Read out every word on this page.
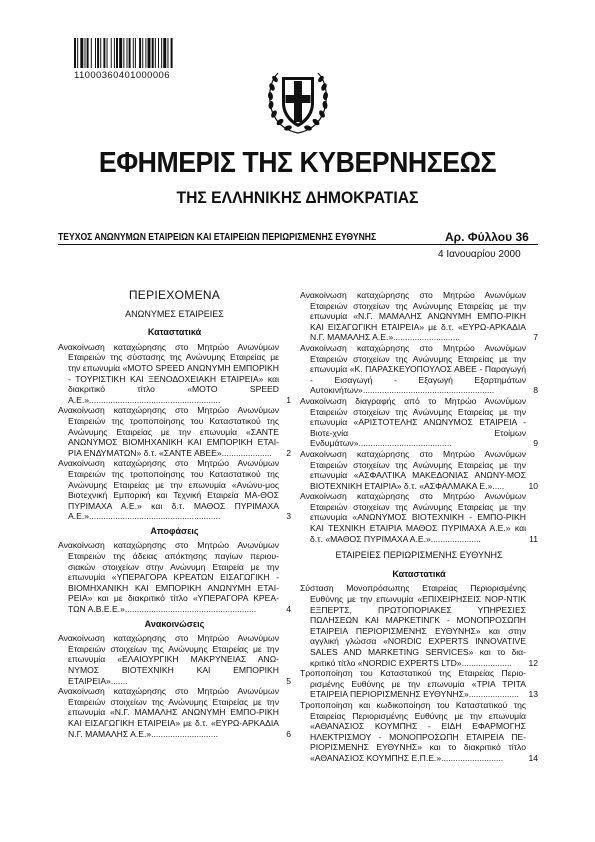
11000360401000006
ΕΦΗΜΕΡΙΣ ΤΗΣ ΚΥΒΕΡΝΗΣΕΩΣ
ΤΗΣ ΕΛΛΗΝΙΚΗΣ ΔΗΜΟΚΡΑΤΙΑΣ
ΤΕΥΧΟΣ ΑΝΩΝΥΜΩΝ ΕΤΑΙΡΕΙΩΝ ΚΑΙ ΕΤΑΙΡΕΙΩΝ ΠΕΡΙΩΡΙΣΜΕΝΗΣ ΕΥΘΥΝΗΣ	Αρ. Φύλλου 36
4 Ιανουαρίου 2000
ΠΕΡΙΕΧΟΜΕΝΑ
ΑΝΩΝΥΜΕΣ ΕΤΑΙΡΕΙΕΣ
Καταστατικά
Ανακοίνωση καταχώρησης στο Μητρώο Ανωνύμων Εταιρειών της σύστασης της Ανώνυμης Εταιρείας με την επωνυμία «ΜΟΤΟ SPEED ΑΝΩΝΥΜΗ ΕΜΠΟΡΙΚΗ - ΤΟΥΡΙΣΤΙΚΗ ΚΑΙ ΞΕΝΟΔΟΧΕΙΑΚΗ ΕΤΑΙΡΕΙΑ» και διακριτικό τίτλο «ΜΟΤΟ SPEED Α.Ε.».......................................................	1
Ανακοίνωση καταχώρησης στο Μητρώο Ανωνύμων Εταιρειών της τροποποίησης του Καταστατικού της Ανώνυμης Εταιρείας με την επωνυμία «ΣΑΝΤΕ ΑΝΩΝΥΜΟΣ ΒΙΟΜΗΧΑΝΙΚΗ ΚΑΙ ΕΜΠΟΡΙΚΗ ΕΤΑΙ-ΡΙΑ ΕΝΔΥΜΑΤΩΝ» δ.τ. «ΣΑΝΤΕ ΑΒΕΕ».....................	2
Ανακοίνωση καταχώρησης στο Μητρώο Ανωνύμων Εταιρειών της τροποποίησης του Καταστατικού της Ανώνυμης Εταιρείας με την επωνυμία «Ανώνυ-μος Βιοτεχνική Εμπορική και Τεχνική Εταιρεία ΜΑ-ΘΟΣ ΠΥΡΙΜΑΧΑ Α.Ε.» και δ.τ. ΜΑΘΟΣ ΠΥΡΙΜΑΧΑ Α.Ε.».......................................................	3
Αποφάσεις
Ανακοίνωση καταχώρησης στο Μητρώο Ανωνύμων Εταιρειών της άδειας απόκτησης παγίων περιου-σιακών στοιχείων στην Ανώνυμη Εταιρεία με την επωνυμία «ΥΠΕΡΑΓΟΡΑ ΚΡΕΑΤΩΝ ΕΙΣΑΓΩΓΙΚΗ - ΒΙΟΜΗΧΑΝΙΚΗ ΚΑΙ ΕΜΠΟΡΙΚΗ ΑΝΩΝΥΜΗ ΕΤΑΙ-ΡΕΙΑ» και με διακριτικό τίτλο «ΥΠΕΡΑΓΟΡΑ ΚΡΕΑ-ΤΩΝ Α.Β.Ε.Ε.».......................................................	4
Ανακοινώσεις
Ανακοίνωση καταχώρησης στο Μητρώο Ανωνύμων Εταιρειών στοιχείων της Ανώνυμης Εταιρείας με την επωνυμία «ΕΛΑΙΟΥΡΓΙΚΗ ΜΑΚΡΥΝΕΙΑΣ ΑΝΩ-ΝΥΜΟΣ ΒΙΟΤΕΧΝΙΚΗ ΚΑΙ ΕΜΠΟΡΙΚΗ ΕΤΑΙΡΕΙΑ».......	5
Ανακοίνωση καταχώρησης στο Μητρώο Ανωνύμων Εταιρειών στοιχείων της Ανώνυμης Εταιρείας με την επωνυμία «Ν.Γ. ΜΑΜΑΛΗΣ ΑΝΩΝΥΜΗ ΕΜΠΟ-ΡΙΚΗ ΚΑΙ ΕΙΣΑΓΩΓΙΚΗ ΕΤΑΙΡΕΙΑ» με δ.τ. «ΕΥΡΩ-ΑΡΚΑΔΙΑ Ν.Γ. ΜΑΜΑΛΗΣ Α.Ε.»............................	6
Ανακοίνωση καταχώρησης στο Μητρώο Ανωνύμων Εταιρειών στοιχείων της Ανώνυμης Εταιρείας με την επωνυμία «Ν.Γ. ΜΑΜΑΛΗΣ ΑΝΩΝΥΜΗ ΕΜΠΟ-ΡΙΚΗ ΚΑΙ ΕΙΣΑΓΩΓΙΚΗ ΕΤΑΙΡΕΙΑ» με δ.τ. «ΕΥΡΩ-ΑΡΚΑΔΙΑ Ν.Γ. ΜΑΜΑΛΗΣ Α.Ε.»............................	7
Ανακοίνωση καταχώρησης στο Μητρώο Ανωνύμων Εταιρειών στοιχείων της Ανώνυμης Εταιρείας με την επωνυμία «Κ. ΠΑΡΑΣΚΕΥΟΠΟΥΛΟΣ ΑΒΕΕ - Παραγωγή - Εισαγωγή - Εξαγωγή Εξαρτημάτων Αυτοκινήτων».......................................................	8
Ανακοίνωση διαγραφής από το Μητρώο Ανωνύμων Εταιρειών στοιχείων της Ανώνυμης Εταιρείας με την επωνυμία «ΑΡΙΣΤΟΤΕΛΗΣ ΑΝΩΝΥΜΟΣ ΕΤΑΙΡΕΙΑ - Βιοτε-χνία Ετοίμων Ενδυμάτων».......................................	9
Ανακοίνωση καταχώρησης στο Μητρώο Ανωνύμων Εταιρειών στοιχείων της Ανώνυμης Εταιρείας με την επωνυμία «ΑΣΦΑΛΤΙΚΑ ΜΑΚΕΔΟΝΙΑΣ ΑΝΩΝΥ-ΜΟΣ ΒΙΟΤΕΧΝΙΚΗ ΕΤΑΙΡΙΑ» δ.τ. «ΑΣΦΑΛΜΑΚΑ Ε.».....	10
Ανακοίνωση καταχώρησης στο Μητρώο Ανωνύμων Εταιρειών στοιχείων της Ανώνυμης Εταιρείας με την επωνυμία «ΑΝΩΝΥΜΟΣ ΒΙΟΤΕΧΝΙΚΗ - ΕΜΠΟ-ΡΙΚΗ ΚΑΙ ΤΕΧΝΙΚΗ ΕΤΑΙΡΙΑ ΜΑΘΟΣ ΠΥΡΙΜΑΧΑ Α.Ε.» και δ.τ. «ΜΑΘΟΣ ΠΥΡΙΜΑΧΑ Α.Ε.».....................	11
ΕΤΑΙΡΕΙΕΣ ΠΕΡΙΩΡΙΣΜΕΝΗΣ ΕΥΘΥΝΗΣ
Καταστατικά
Σύσταση Μονοπρόσωπης Εταιρείας Περιορισμένης Ευθύνης με την επωνυμία «ΕΠΙΧΕΙΡΗΣΕΙΣ ΝΟΡ-ΝΤΙΚ ΕΞΠΕΡΤΣ, ΠΡΩΤΟΠΟΡΙΑΚΕΣ ΥΠΗΡΕΣΙΕΣ ΠΩΛΗΣΕΩΝ ΚΑΙ ΜΑΡΚΕΤΙΝΓΚ - ΜΟΝΟΠΡΟΣΩΠΗ ΕΤΑΙΡΕΙΑ ΠΕΡΙΟΡΙΣΜΕΝΗΣ ΕΥΘΥΝΗΣ» και στην αγγλική γλώσσα «NORDIC EXPERTS INNOVATIVE SALES AND MARKETING SERVICES» και το δια-κριτικό τίτλο «NORDIC EXPERTS LTD».....................	12
Τροποποίηση του Καταστατικού της Εταιρείας Περιο-ρισμένης Ευθύνης με την επωνυμία «ΤΡΙΑ ΤΡΙΤΑ ΕΤΑΙΡΕΙΑ ΠΕΡΙΟΡΙΣΜΕΝΗΣ ΕΥΘΥΝΗΣ».....................	13
Τροποποίηση και κωδικοποίηση του Καταστατικού της Εταιρείας Περιορισμένης Ευθύνης με την επωνυμία «ΑΘΑΝΑΣΙΟΣ ΚΟΥΜΠΗΣ - ΕΙΔΗ ΕΦΑΡΜΟΓΗΣ ΗΛΕΚΤΡΙΣΜΟΥ - ΜΟΝΟΠΡΟΣΩΠΗ ΕΤΑΙΡΕΙΑ ΠΕ-ΡΙΟΡΙΣΜΕΝΗΣ ΕΥΘΥΝΗΣ» και το διακριτικό τίτλο «ΑΘΑΝΑΣΙΟΣ ΚΟΥΜΠΗΣ Ε.Π.Ε.»..........................	14
